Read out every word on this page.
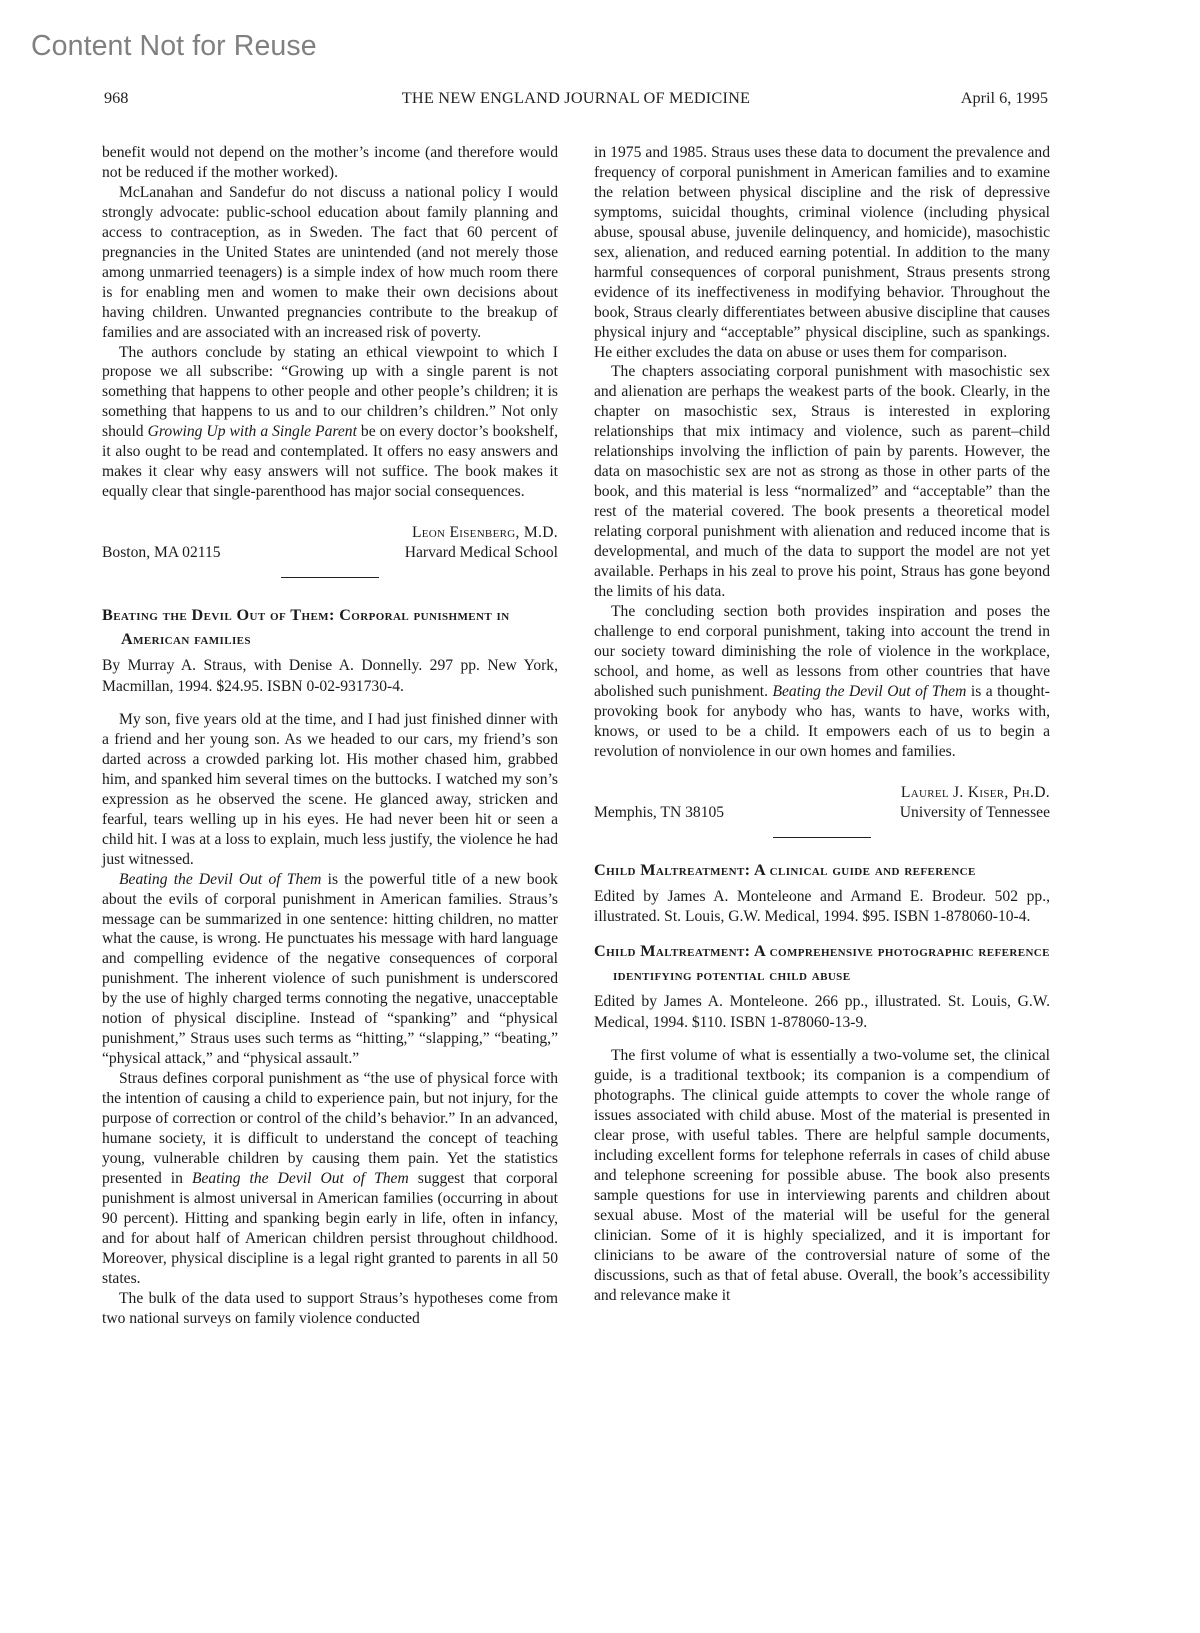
Content Not for Reuse
968	THE NEW ENGLAND JOURNAL OF MEDICINE	April 6, 1995

benefit would not depend on the mother’s income (and therefore would not be reduced if the mother worked).

McLanahan and Sandefur do not discuss a national policy I would strongly advocate: public-school education about family planning and access to contraception, as in Sweden. The fact that 60 percent of pregnancies in the United States are unintended (and not merely those among unmarried teenagers) is a simple index of how much room there is for enabling men and women to make their own decisions about having children. Unwanted pregnancies contribute to the breakup of families and are associated with an increased risk of poverty.

The authors conclude by stating an ethical viewpoint to which I propose we all subscribe: “Growing up with a single parent is not something that happens to other people and other people’s children; it is something that happens to us and to our children’s children.” Not only should Growing Up with a Single Parent be on every doctor’s bookshelf, it also ought to be read and contemplated. It offers no easy answers and makes it clear why easy answers will not suffice. The book makes it equally clear that single-parenthood has major social consequences.

Leon Eisenberg, M.D.
Boston, MA 02115	Harvard Medical School
Beating the Devil Out of Them: Corporal punishment in American families

By Murray A. Straus, with Denise A. Donnelly. 297 pp. New York, Macmillan, 1994. $24.95. ISBN 0-02-931730-4.

My son, five years old at the time, and I had just finished dinner with a friend and her young son. As we headed to our cars, my friend’s son darted across a crowded parking lot. His mother chased him, grabbed him, and spanked him several times on the buttocks. I watched my son’s expression as he observed the scene. He glanced away, stricken and fearful, tears welling up in his eyes. He had never been hit or seen a child hit. I was at a loss to explain, much less justify, the violence he had just witnessed.

Beating the Devil Out of Them is the powerful title of a new book about the evils of corporal punishment in American families. Straus’s message can be summarized in one sentence: hitting children, no matter what the cause, is wrong. He punctuates his message with hard language and compelling evidence of the negative consequences of corporal punishment. The inherent violence of such punishment is underscored by the use of highly charged terms connoting the negative, unacceptable notion of physical discipline. Instead of “spanking” and “physical punishment,” Straus uses such terms as “hitting,” “slapping,” “beating,” “physical attack,” and “physical assault.”

Straus defines corporal punishment as “the use of physical force with the intention of causing a child to experience pain, but not injury, for the purpose of correction or control of the child’s behavior.” In an advanced, humane society, it is difficult to understand the concept of teaching young, vulnerable children by causing them pain. Yet the statistics presented in Beating the Devil Out of Them suggest that corporal punishment is almost universal in American families (occurring in about 90 percent). Hitting and spanking begin early in life, often in infancy, and for about half of American children persist throughout childhood. Moreover, physical discipline is a legal right granted to parents in all 50 states.

The bulk of the data used to support Straus’s hypotheses come from two national surveys on family violence conducted

in 1975 and 1985. Straus uses these data to document the prevalence and frequency of corporal punishment in American families and to examine the relation between physical discipline and the risk of depressive symptoms, suicidal thoughts, criminal violence (including physical abuse, spousal abuse, juvenile delinquency, and homicide), masochistic sex, alienation, and reduced earning potential. In addition to the many harmful consequences of corporal punishment, Straus presents strong evidence of its ineffectiveness in modifying behavior. Throughout the book, Straus clearly differentiates between abusive discipline that causes physical injury and “acceptable” physical discipline, such as spankings. He either excludes the data on abuse or uses them for comparison.

The chapters associating corporal punishment with masochistic sex and alienation are perhaps the weakest parts of the book. Clearly, in the chapter on masochistic sex, Straus is interested in exploring relationships that mix intimacy and violence, such as parent–child relationships involving the infliction of pain by parents. However, the data on masochistic sex are not as strong as those in other parts of the book, and this material is less “normalized” and “acceptable” than the rest of the material covered. The book presents a theoretical model relating corporal punishment with alienation and reduced income that is developmental, and much of the data to support the model are not yet available. Perhaps in his zeal to prove his point, Straus has gone beyond the limits of his data.

The concluding section both provides inspiration and poses the challenge to end corporal punishment, taking into account the trend in our society toward diminishing the role of violence in the workplace, school, and home, as well as lessons from other countries that have abolished such punishment. Beating the Devil Out of Them is a thought-provoking book for anybody who has, wants to have, works with, knows, or used to be a child. It empowers each of us to begin a revolution of nonviolence in our own homes and families.

Laurel J. Kiser, Ph.D.
Memphis, TN 38105	University of Tennessee
Child Maltreatment: A clinical guide and reference

Edited by James A. Monteleone and Armand E. Brodeur. 502 pp., illustrated. St. Louis, G.W. Medical, 1994. $95. ISBN 1-878060-10-4.

Child Maltreatment: A comprehensive photographic reference identifying potential child abuse

Edited by James A. Monteleone. 266 pp., illustrated. St. Louis, G.W. Medical, 1994. $110. ISBN 1-878060-13-9.

The first volume of what is essentially a two-volume set, the clinical guide, is a traditional textbook; its companion is a compendium of photographs. The clinical guide attempts to cover the whole range of issues associated with child abuse. Most of the material is presented in clear prose, with useful tables. There are helpful sample documents, including excellent forms for telephone referrals in cases of child abuse and telephone screening for possible abuse. The book also presents sample questions for use in interviewing parents and children about sexual abuse. Most of the material will be useful for the general clinician. Some of it is highly specialized, and it is important for clinicians to be aware of the controversial nature of some of the discussions, such as that of fetal abuse. Overall, the book’s accessibility and relevance make it
